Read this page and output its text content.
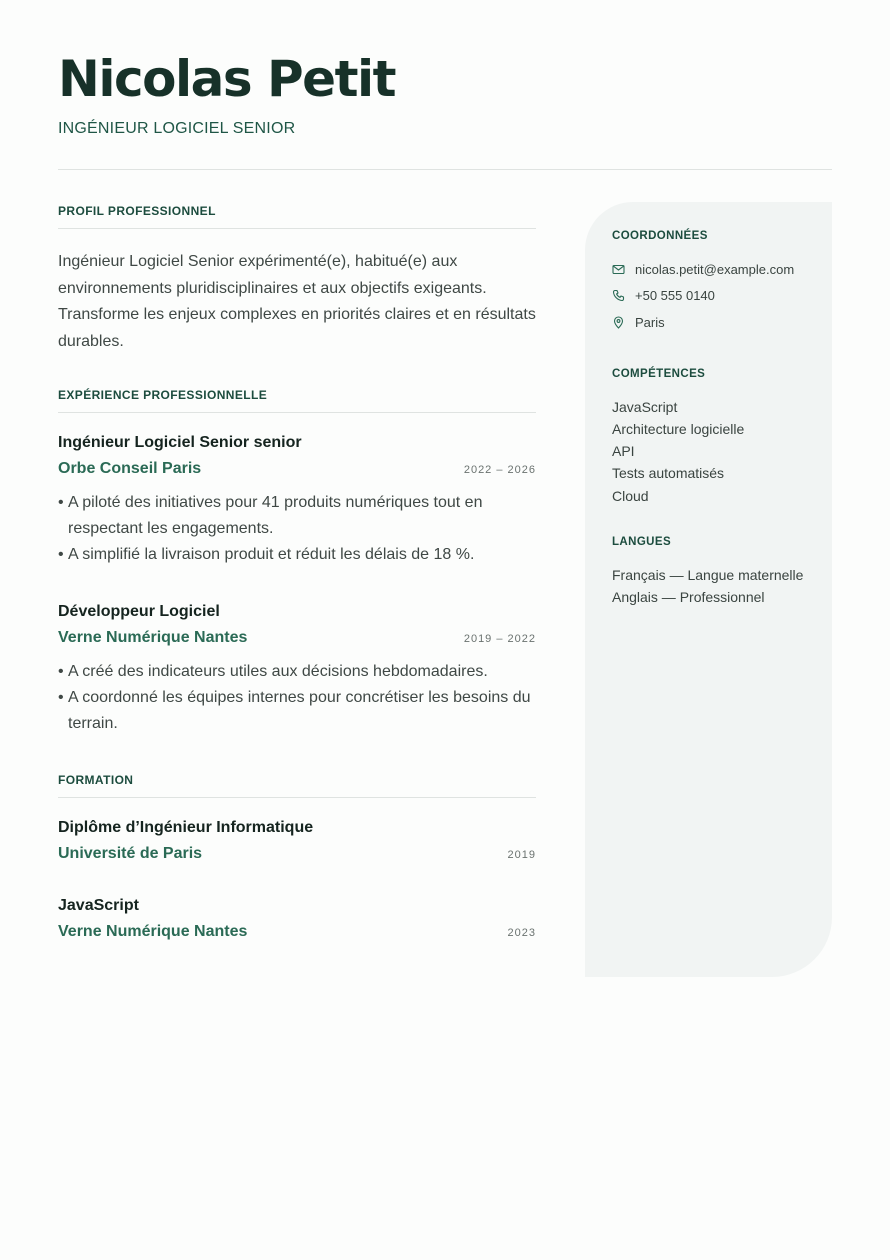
Nicolas Petit
INGÉNIEUR LOGICIEL SENIOR
PROFIL PROFESSIONNEL

Ingénieur Logiciel Senior expérimenté(e), habitué(e) aux environnements pluridisciplinaires et aux objectifs exigeants. Transforme les enjeux complexes en priorités claires et en résultats durables.

EXPÉRIENCE PROFESSIONNELLE
Ingénieur Logiciel Senior senior
Orbe Conseil Paris	2022 – 2026
• A piloté des initiatives pour 41 produits numériques tout en respectant les engagements.
• A simplifié la livraison produit et réduit les délais de 18 %.
Développeur Logiciel
Verne Numérique Nantes	2019 – 2022
• A créé des indicateurs utiles aux décisions hebdomadaires.
• A coordonné les équipes internes pour concrétiser les besoins du terrain.
FORMATION
Diplôme d’Ingénieur Informatique
Université de Paris	2019
JavaScript
Verne Numérique Nantes	2023
COORDONNÉES
nicolas.petit@example.com
+50 555 0140
Paris
COMPÉTENCES
JavaScript
Architecture logicielle
API
Tests automatisés
Cloud
LANGUES
Français — Langue maternelle
Anglais — Professionnel
